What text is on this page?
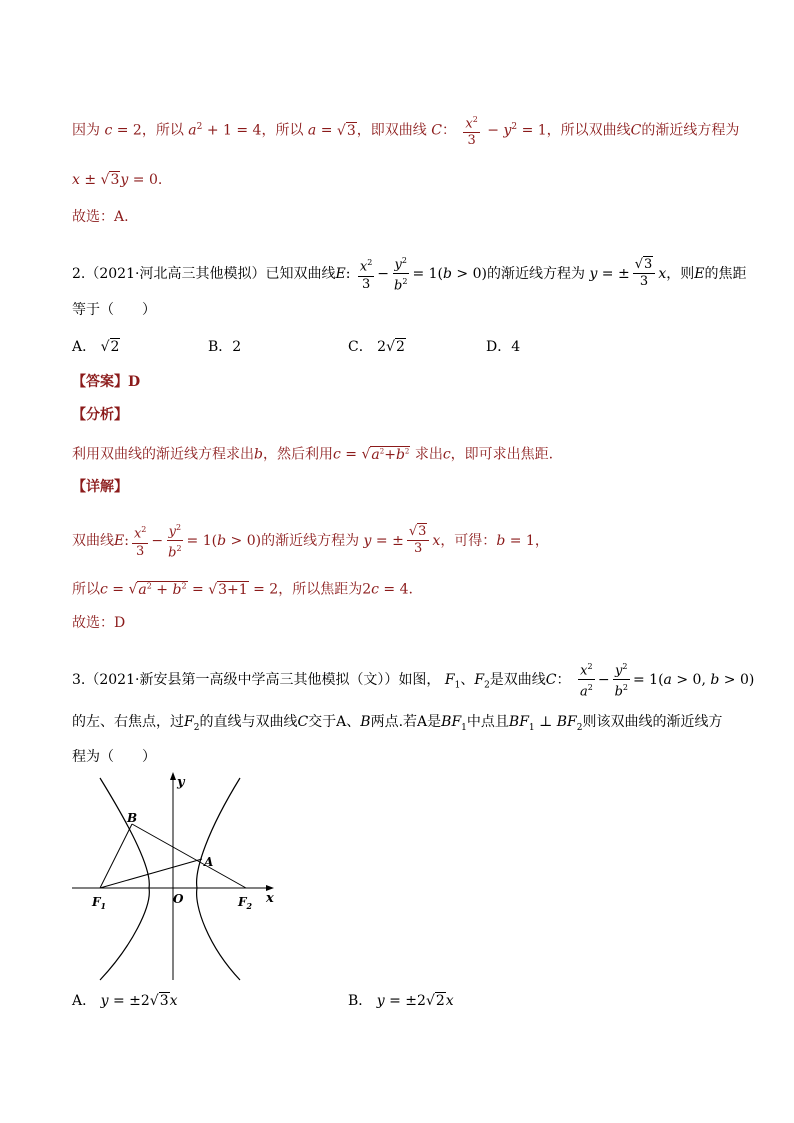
因为 c = 2，所以 $a^2 + 1 = 4$，所以 a = √3，即双曲线 C： $\frac{x^2}{3} - y^2 = 1$，所以双曲线C的渐近线方程为
x ± √3y = 0.
故选：A.
2.（2021·河北高三其他模拟）已知双曲线E: $\frac{x^2}{3} - \frac{y^2}{b^2} = 1(b > 0)$的渐近线方程为 y = ± $\frac{√3}{3}$ x，则E的焦距
等于（　　）
A． √2	B．2	C． 2√2	D．4
【答案】D
【分析】
利用双曲线的渐近线方程求出b，然后利用$c = √a^2+b^2$ 求出c，即可求出焦距.
【详解】
双曲线E: $\frac{x^2}{3} - \frac{y^2}{b^2} = 1(b > 0)$的渐近线方程为 y = ± $\frac{√3}{3}$ x，可得：b = 1，
所以$c = √a^2 + b^2 = √3+1 = 2$，所以焦距为2c = 4.
故选：D
3.（2021·新安县第一高级中学高三其他模拟（文））如图， $F_1$、$F_2$是双曲线C： $\frac{x^2}{a^2} - \frac{y^2}{b^2} = 1(a > 0$, b > 0)
的左、右焦点，过$F_2$的直线与双曲线C交于A、B两点.若A是$BF_1$中点且$BF_1$ ⊥ $BF_2$则该双曲线的渐近线方
程为（　　）
y
x
B
A
O
$F_1$	$F_2$
A． y = ±2√3x	B． y = ±2√2x
